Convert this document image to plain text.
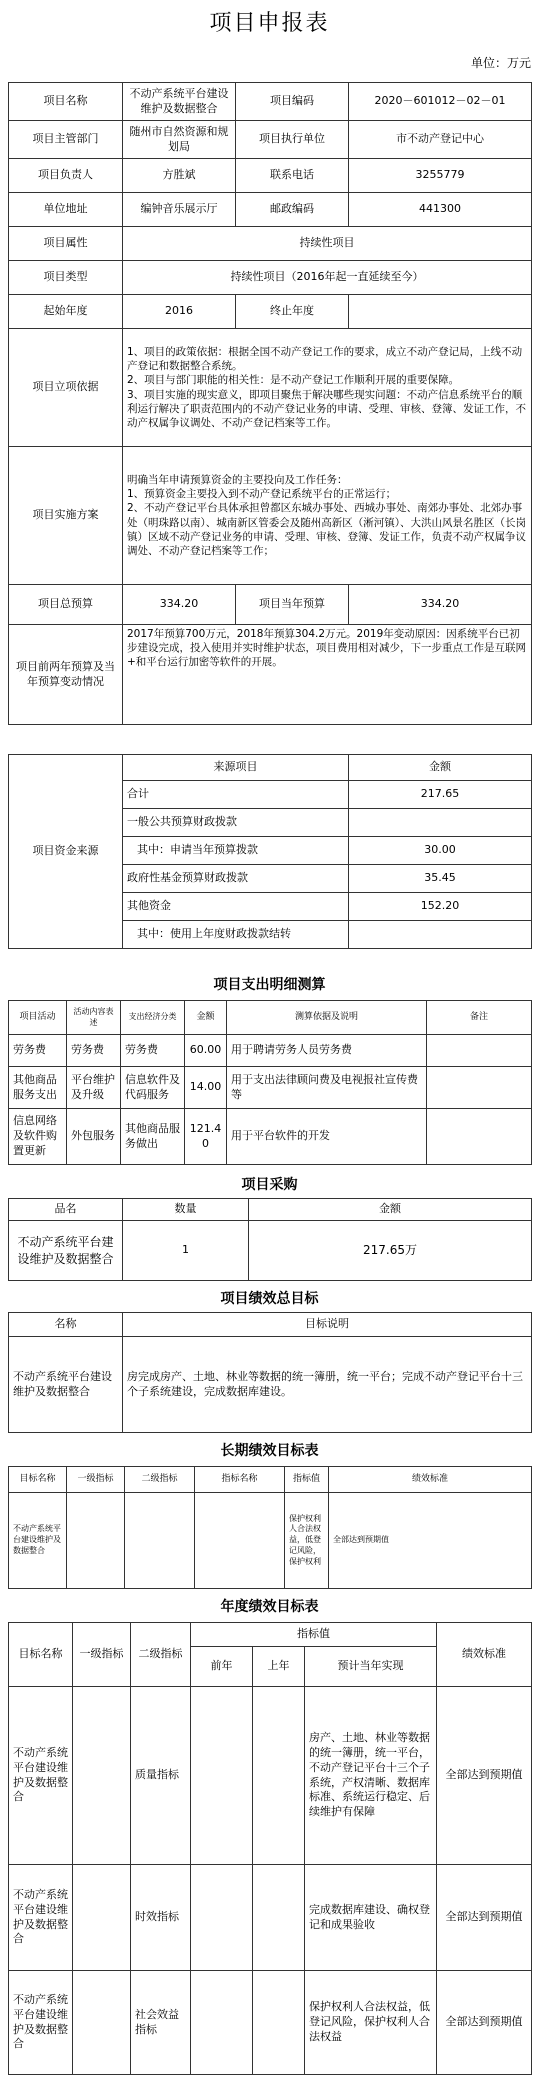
项目申报表
单位：万元
项目名称	不动产系统平台建设维护及数据整合	项目编码	2020－601012－02－01
项目主管部门	随州市自然资源和规划局	项目执行单位	市不动产登记中心
项目负责人	方胜斌	联系电话	3255779
单位地址	编钟音乐展示厅	邮政编码	441300
项目属性	持续性项目		
项目类型	持续性项目（2016年起一直延续至今）		
起始年度	2016	终止年度	
项目立项依据	1、项目的政策依据：根据全国不动产登记工作的要求，成立不动产登记局，上线不动产登记和数据整合系统。
2、项目与部门职能的相关性：是不动产登记工作顺利开展的重要保障。
3、项目实施的现实意义，即项目聚焦于解决哪些现实问题：不动产信息系统平台的顺利运行解决了职责范围内的不动产登记业务的申请、受理、审核、登簿、发证工作，不动产权属争议调处、不动产登记档案等工作。		
项目实施方案	明确当年申请预算资金的主要投向及工作任务：
1、预算资金主要投入到不动产登记系统平台的正常运行；
2、不动产登记平台具体承担曾都区东城办事处、西城办事处、南郊办事处、北郊办事处（明珠路以南）、城南新区管委会及随州高新区（淅河镇）、大洪山风景名胜区（长岗镇）区域不动产登记业务的申请、受理、审核、登簿、发证工作，负责不动产权属争议调处、不动产登记档案等工作；		
项目总预算	334.20	项目当年预算	334.20
项目前两年预算及当年预算变动情况	2017年预算700万元，2018年预算304.2万元。2019年变动原因：因系统平台已初步建设完成，投入使用并实时维护状态，项目费用相对减少，下一步重点工作是互联网+和平台运行加密等软件的开展。		
项目资金来源	来源项目	金额
	合计	217.65
	一般公共预算财政拨款	
	其中：申请当年预算拨款	30.00
	政府性基金预算财政拨款	35.45
	其他资金	152.20
	其中：使用上年度财政拨款结转	
项目支出明细测算
项目活动	活动内容表述	支出经济分类	金额	测算依据及说明	备注
劳务费	劳务费	劳务费	60.00	用于聘请劳务人员劳务费	
其他商品服务支出	平台维护及升级	信息软件及代码服务	14.00	用于支出法律顾问费及电视报社宣传费等	
信息网络及软件购置更新	外包服务	其他商品服务做出	121.40	用于平台软件的开发	
项目采购
品名	数量	金额
不动产系统平台建设维护及数据整合	1	217.65万
项目绩效总目标
名称	目标说明
不动产系统平台建设维护及数据整合	房完成房产、土地、林业等数据的统一簿册，统一平台；完成不动产登记平台十三个子系统建设，完成数据库建设。
长期绩效目标表
目标名称	一级指标	二级指标	指标名称	指标值	绩效标准
不动产系统平台建设维护及数据整合				保护权利人合法权益，低登记风险，保护权利	全部达到预期值
年度绩效目标表
目标名称	一级指标	二级指标	指标值			绩效标准
			前年	上年	预计当年实现	
不动产系统平台建设维护及数据整合		质量指标			房产、土地、林业等数据的统一簿册，统一平台，不动产登记平台十三个子系统，产权清晰、数据库标准、系统运行稳定、后续维护有保障	全部达到预期值
不动产系统平台建设维护及数据整合		时效指标			完成数据库建设、确权登记和成果验收	全部达到预期值
不动产系统平台建设维护及数据整合		社会效益指标			保护权利人合法权益，低登记风险，保护权利人合法权益	全部达到预期值
